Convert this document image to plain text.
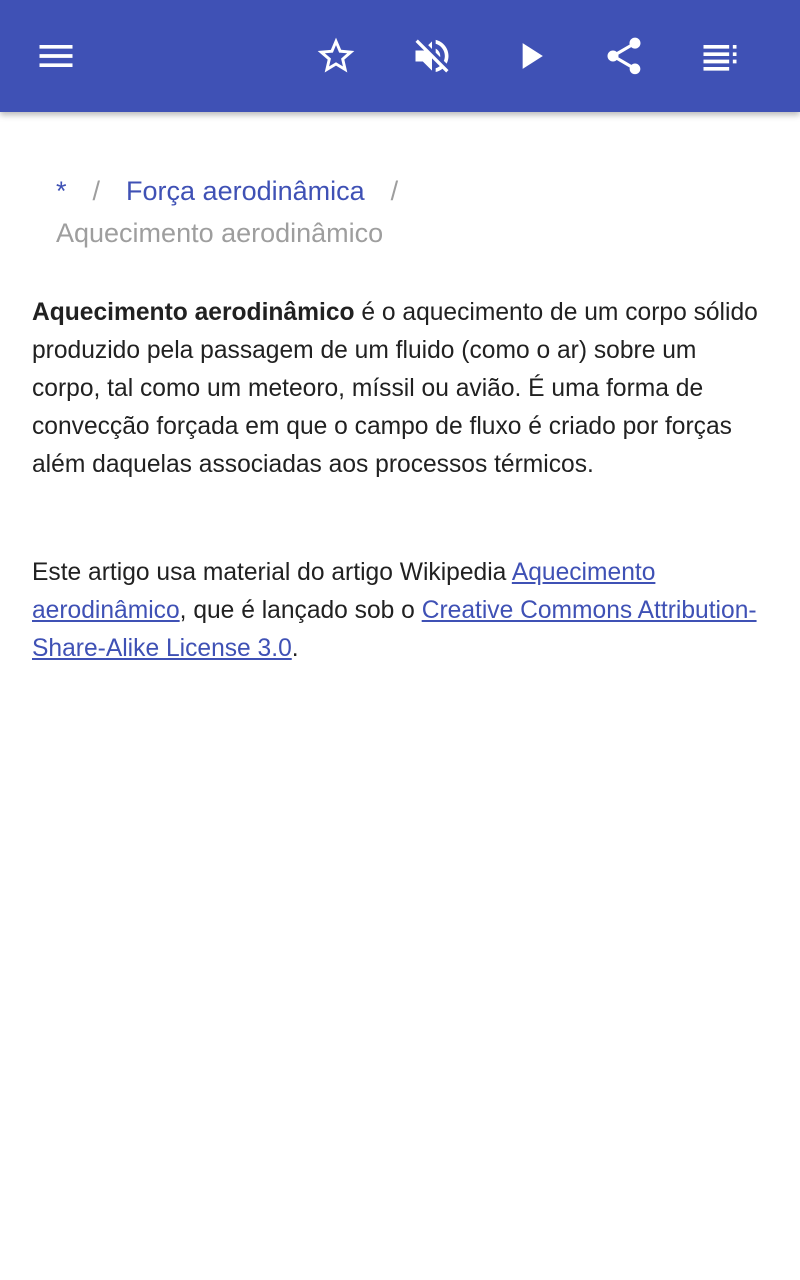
* / Força aerodinâmica /
Aquecimento aerodinâmico

Aquecimento aerodinâmico é o aquecimento de um corpo sólido produzido pela passagem de um fluido (como o ar) sobre um corpo, tal como um meteoro, míssil ou avião. É uma forma de convecção forçada em que o campo de fluxo é criado por forças além daquelas associadas aos processos térmicos.

Este artigo usa material do artigo Wikipedia Aquecimento aerodinâmico, que é lançado sob o Creative Commons Attribution-Share-Alike License 3.0.
